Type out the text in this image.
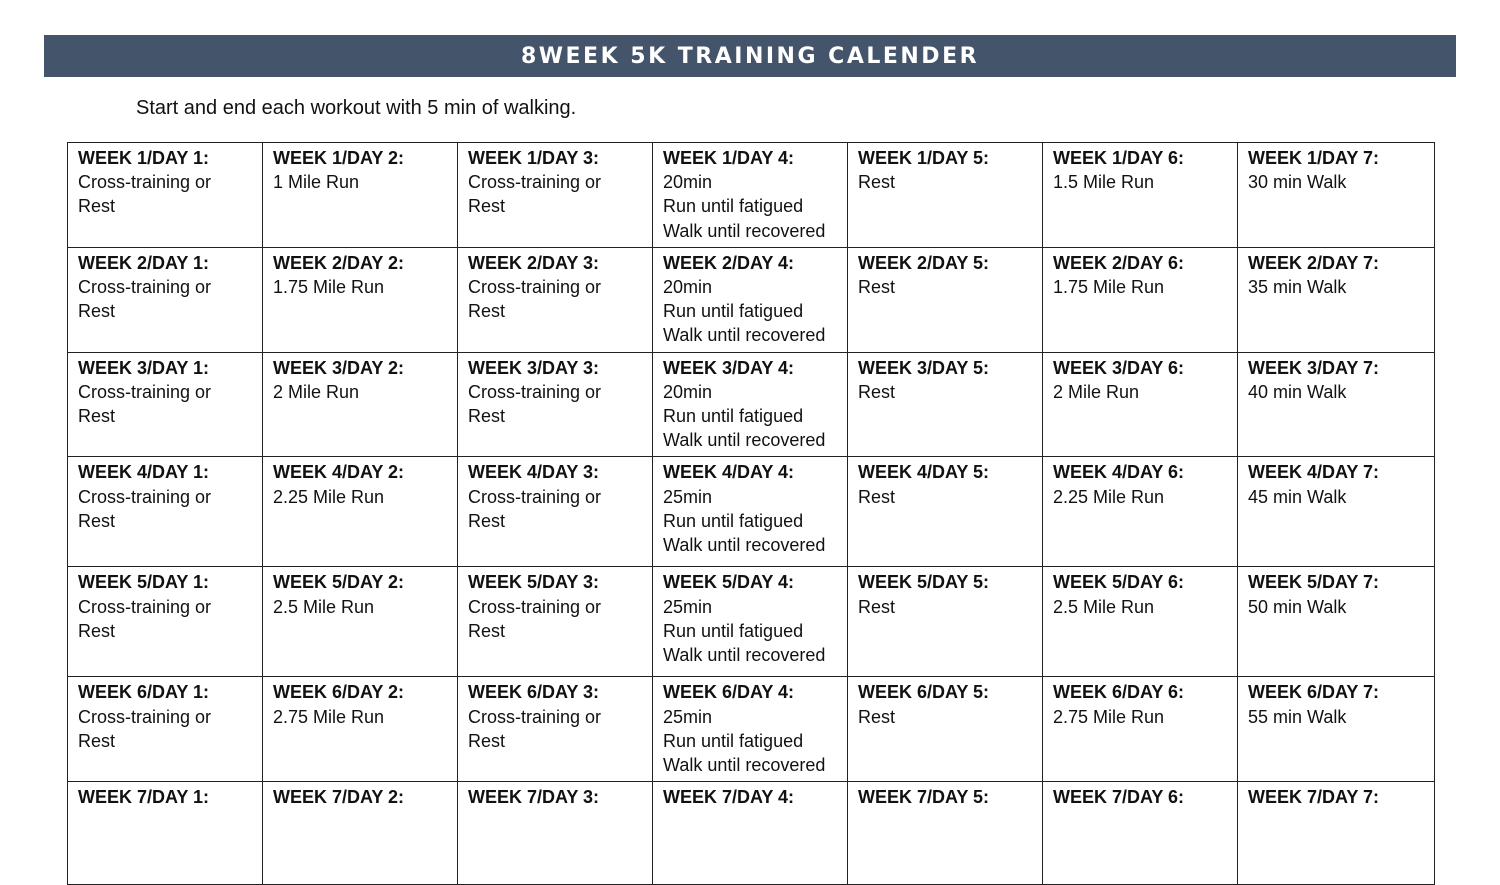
8WEEK 5K TRAINING CALENDER
Start and end each workout with 5 min of walking.
WEEK 1/DAY 1:
Cross-training or
Rest	WEEK 1/DAY 2:
1 Mile Run	WEEK 1/DAY 3:
Cross-training or
Rest	WEEK 1/DAY 4:
20min
Run until fatigued
Walk until recovered	WEEK 1/DAY 5:
Rest	WEEK 1/DAY 6:
1.5 Mile Run	WEEK 1/DAY 7:
30 min Walk

WEEK 2/DAY 1:
Cross-training or
Rest	WEEK 2/DAY 2:
1.75 Mile Run	WEEK 2/DAY 3:
Cross-training or
Rest	WEEK 2/DAY 4:
20min
Run until fatigued
Walk until recovered	WEEK 2/DAY 5:
Rest	WEEK 2/DAY 6:
1.75 Mile Run	WEEK 2/DAY 7:
35 min Walk

WEEK 3/DAY 1:
Cross-training or
Rest	WEEK 3/DAY 2:
2 Mile Run	WEEK 3/DAY 3:
Cross-training or
Rest	WEEK 3/DAY 4:
20min
Run until fatigued
Walk until recovered	WEEK 3/DAY 5:
Rest	WEEK 3/DAY 6:
2 Mile Run	WEEK 3/DAY 7:
40 min Walk

WEEK 4/DAY 1:
Cross-training or
Rest	WEEK 4/DAY 2:
2.25 Mile Run	WEEK 4/DAY 3:
Cross-training or
Rest	WEEK 4/DAY 4:
25min
Run until fatigued
Walk until recovered	WEEK 4/DAY 5:
Rest	WEEK 4/DAY 6:
2.25 Mile Run	WEEK 4/DAY 7:
45 min Walk

WEEK 5/DAY 1:
Cross-training or
Rest	WEEK 5/DAY 2:
2.5 Mile Run	WEEK 5/DAY 3:
Cross-training or
Rest	WEEK 5/DAY 4:
25min
Run until fatigued
Walk until recovered	WEEK 5/DAY 5:
Rest	WEEK 5/DAY 6:
2.5 Mile Run	WEEK 5/DAY 7:
50 min Walk

WEEK 6/DAY 1:
Cross-training or
Rest	WEEK 6/DAY 2:
2.75 Mile Run	WEEK 6/DAY 3:
Cross-training or
Rest	WEEK 6/DAY 4:
25min
Run until fatigued
Walk until recovered	WEEK 6/DAY 5:
Rest	WEEK 6/DAY 6:
2.75 Mile Run	WEEK 6/DAY 7:
55 min Walk

WEEK 7/DAY 1:	WEEK 7/DAY 2:	WEEK 7/DAY 3:	WEEK 7/DAY 4:	WEEK 7/DAY 5:	WEEK 7/DAY 6:	WEEK 7/DAY 7:
